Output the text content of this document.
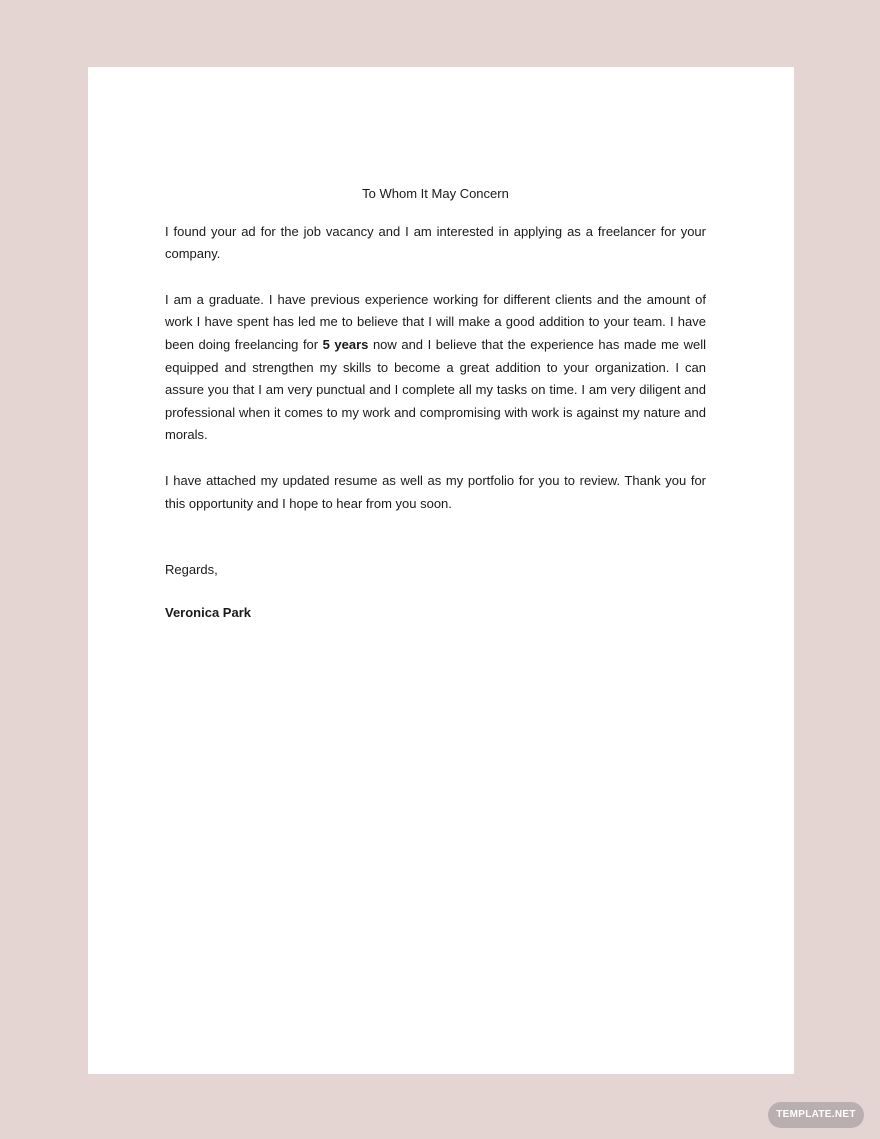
To Whom It May Concern

I found your ad for the job vacancy and I am interested in applying as a freelancer for your company.

I am a graduate. I have previous experience working for different clients and the amount of work I have spent has led me to believe that I will make a good addition to your team. I have been doing freelancing for 5 years now and I believe that the experience has made me well equipped and strengthen my skills to become a great addition to your organization. I can assure you that I am very punctual and I complete all my tasks on time. I am very diligent and professional when it comes to my work and compromising with work is against my nature and morals.

I have attached my updated resume as well as my portfolio for you to review. Thank you for this opportunity and I hope to hear from you soon.

Regards,

Veronica Park

TEMPLATE.NET
